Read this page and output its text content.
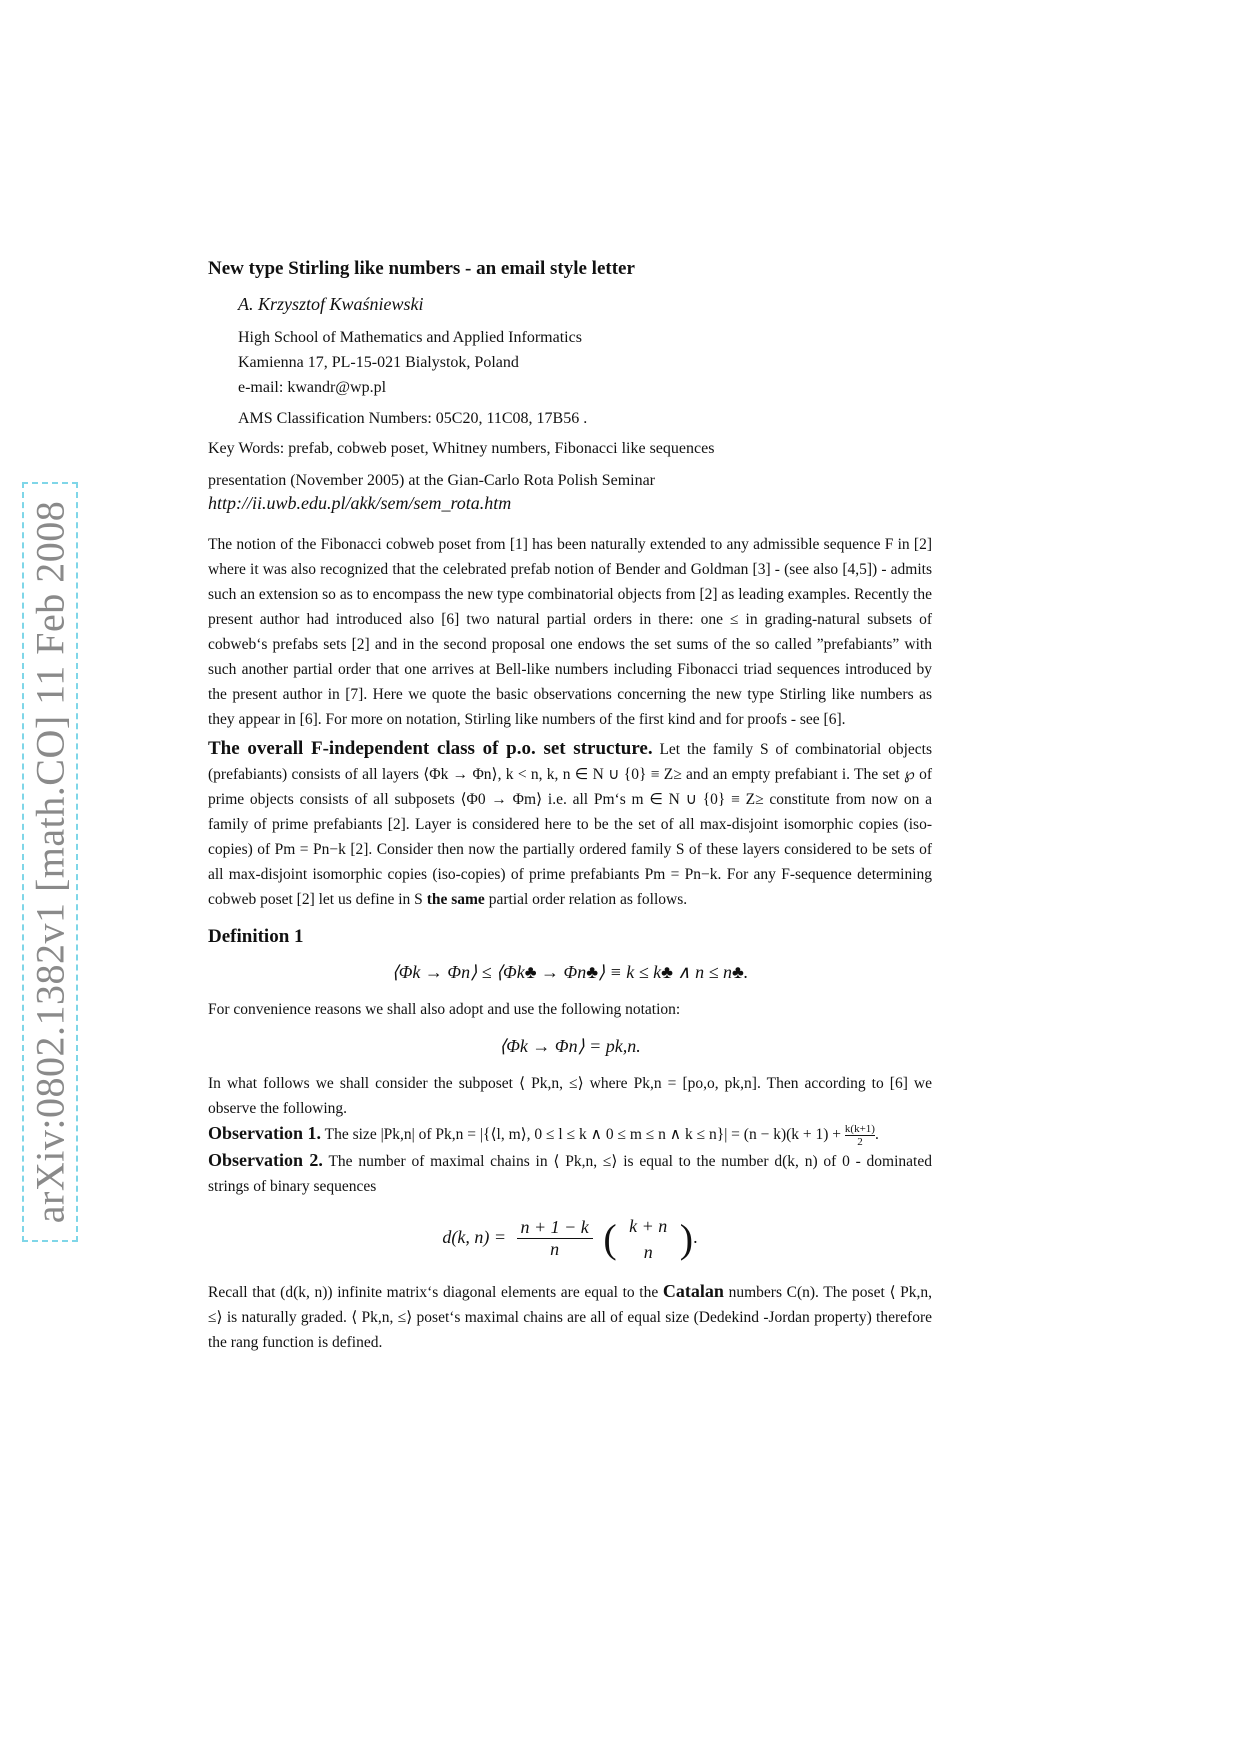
arXiv:0802.1382v1 [math.CO] 11 Feb 2008
New type Stirling like numbers - an email style letter
A. Krzysztof Kwaśniewski
High School of Mathematics and Applied Informatics
Kamienna 17, PL-15-021 Bialystok, Poland
e-mail: kwandr@wp.pl
AMS Classification Numbers: 05C20, 11C08, 17B56 .
Key Words: prefab, cobweb poset, Whitney numbers, Fibonacci like sequences
presentation (November 2005) at the Gian-Carlo Rota Polish Seminar
http://ii.uwb.edu.pl/akk/sem/sem_rota.htm

The notion of the Fibonacci cobweb poset from [1] has been naturally extended to any admissible sequence F in [2] where it was also recognized that the celebrated prefab notion of Bender and Goldman [3] - (see also [4,5]) - admits such an extension so as to encompass the new type combinatorial objects from [2] as leading examples. Recently the present author had introduced also [6] two natural partial orders in there: one ≤ in grading-natural subsets of cobweb‘s prefabs sets [2] and in the second proposal one endows the set sums of the so called ”prefabiants” with such another partial order that one arrives at Bell-like numbers including Fibonacci triad sequences introduced by the present author in [7]. Here we quote the basic observations concerning the new type Stirling like numbers as they appear in [6]. For more on notation, Stirling like numbers of the first kind and for proofs - see [6].

The overall F-independent class of p.o. set structure. Let the family S of combinatorial objects (prefabiants) consists of all layers ⟨Φk → Φn⟩, k < n, k, n ∈ N ∪ {0} ≡ Z≥ and an empty prefabiant i. The set ℘ of prime objects consists of all subposets ⟨Φ0 → Φm⟩ i.e. all Pm‘s m ∈ N ∪ {0} ≡ Z≥ constitute from now on a family of prime prefabiants [2]. Layer is considered here to be the set of all max-disjoint isomorphic copies (iso-copies) of Pm = Pn−k [2]. Consider then now the partially ordered family S of these layers considered to be sets of all max-disjoint isomorphic copies (iso-copies) of prime prefabiants Pm = Pn−k. For any F-sequence determining cobweb poset [2] let us define in S the same partial order relation as follows.

Definition 1
⟨Φk → Φn⟩ ≤ ⟨Φk♣ → Φn♣⟩ ≡ k ≤ k♣ ∧ n ≤ n♣.

For convenience reasons we shall also adopt and use the following notation:

⟨Φk → Φn⟩ = pk,n.

In what follows we shall consider the subposet ⟨ Pk,n, ≤⟩ where Pk,n = [po,o, pk,n]. Then according to [6] we observe the following.

Observation 1. The size |Pk,n| of Pk,n = |{⟨l, m⟩, 0 ≤ l ≤ k ∧ 0 ≤ m ≤ n ∧ $k \le n\}| = (n - k)(k + 1) + \frac{k(k+1)}{2}$ .

Observation 2. The number of maximal chains in ⟨ Pk,n, ≤⟩ is equal to the number d(k, n) of 0 - dominated strings of binary sequences

d(k, $n) = \frac{n + 1 - k}{n}$ ( k + n
n ).

Recall that (d(k, n)) infinite matrix‘s diagonal elements are equal to the Catalan numbers C(n). The poset ⟨ Pk,n, ≤⟩ is naturally graded. ⟨ Pk,n, ≤⟩ poset‘s maximal chains are all of equal size (Dedekind -Jordan property) therefore the rang function is defined.
